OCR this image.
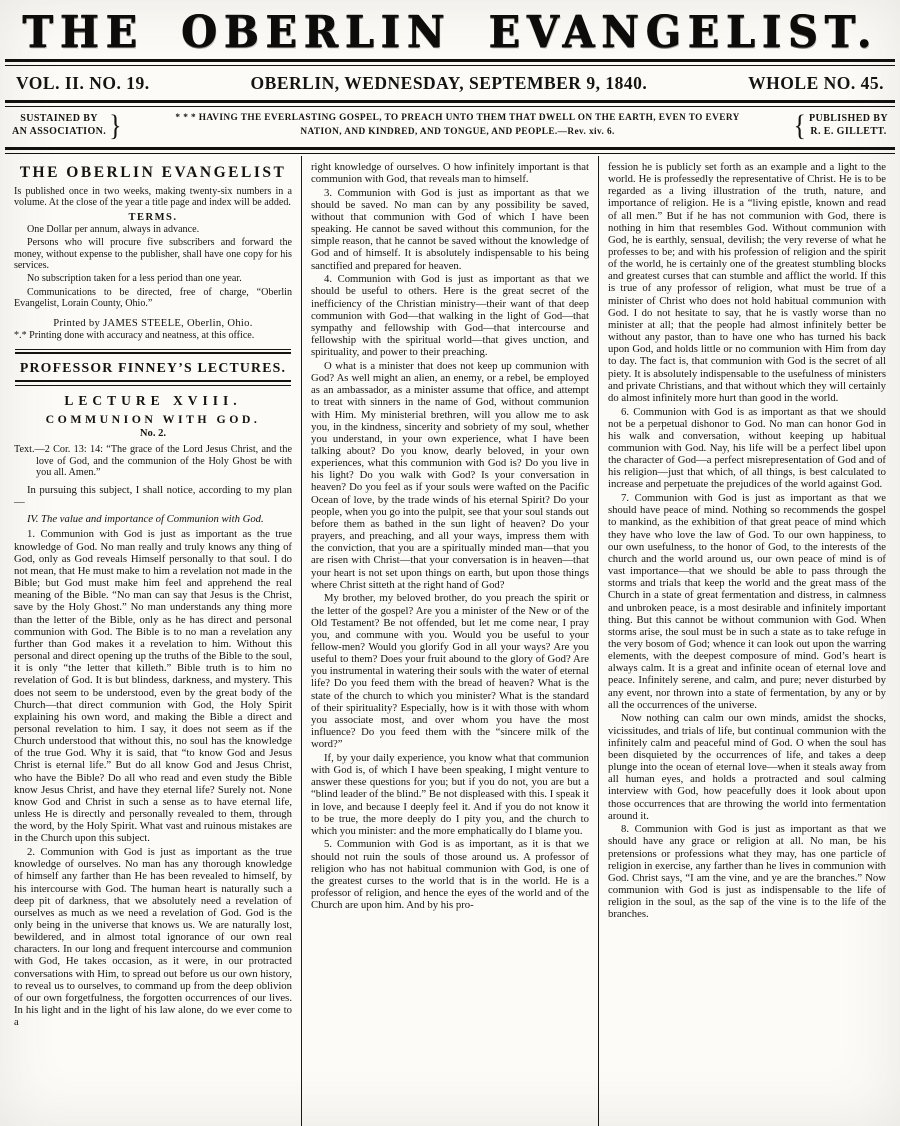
THE OBERLIN EVANGELIST.
VOL. II. NO. 19.	OBERLIN, WEDNESDAY, SEPTEMBER 9, 1840.	WHOLE NO. 45.
SUSTAINED BY
AN ASSOCIATION. }	* * * HAVING THE EVERLASTING GOSPEL, TO PREACH UNTO THEM THAT DWELL ON THE EARTH, EVEN TO EVERY NATION, AND KINDRED, AND TONGUE, AND PEOPLE.—Rev. xiv. 6.	{ PUBLISHED BY
R. E. GILLETT.
THE OBERLIN EVANGELIST

Is published once in two weeks, making twenty-six numbers in a volume. At the close of the year a title page and index will be added.

TERMS.

One Dollar per annum, always in advance.

Persons who will procure five subscribers and forward the money, without expense to the publisher, shall have one copy for his services.

No subscription taken for a less period than one year.

Communications to be directed, free of charge, “Oberlin Evangelist, Lorain County, Ohio.”

Printed by JAMES STEELE, Oberlin, Ohio.

*.* Printing done with accuracy and neatness, at this office.

PROFESSOR FINNEY’S LECTURES.
LECTURE XVIII.
COMMUNION WITH GOD.
No. 2.

Text.—2 Cor. 13: 14: “The grace of the Lord Jesus Christ, and the love of God, and the communion of the Holy Ghost be with you all. Amen.”

In pursuing this subject, I shall notice, according to my plan—

IV. The value and importance of Communion with God.

1. Communion with God is just as important as the true knowledge of God. No man really and truly knows any thing of God, only as God reveals Himself personally to that soul. I do not mean, that He must make to him a revelation not made in the Bible; but God must make him feel and apprehend the real meaning of the Bible. “No man can say that Jesus is the Christ, save by the Holy Ghost.” No man understands any thing more than the letter of the Bible, only as he has direct and personal communion with God. The Bible is to no man a revelation any further than God makes it a revelation to him. Without this personal and direct opening up the truths of the Bible to the soul, it is only “the letter that killeth.” Bible truth is to him no revelation of God. It is but blindess, darkness, and mystery. This does not seem to be understood, even by the great body of the Church—that direct communion with God, the Holy Spirit explaining his own word, and making the Bible a direct and personal revelation to him. I say, it does not seem as if the Church understood that without this, no soul has the knowledge of the true God. Why it is said, that “to know God and Jesus Christ is eternal life.” But do all know God and Jesus Christ, who have the Bible? Do all who read and even study the Bible know Jesus Christ, and have they eternal life? Surely not. None know God and Christ in such a sense as to have eternal life, unless He is directly and personally revealed to them, through the word, by the Holy Spirit. What vast and ruinous mistakes are in the Church upon this subject.

2. Communion with God is just as important as the true knowledge of ourselves. No man has any thorough knowledge of himself any farther than He has been revealed to himself, by his intercourse with God. The human heart is naturally such a deep pit of darkness, that we absolutely need a revelation of ourselves as much as we need a revelation of God. God is the only being in the universe that knows us. We are naturally lost, bewildered, and in almost total ignorance of our own real characters. In our long and frequent intercourse and communion with God, He takes occasion, as it were, in our protracted conversations with Him, to spread out before us our own history, to reveal us to ourselves, to command up from the deep oblivion of our own forgetfulness, the forgotten occurrences of our lives. In his light and in the light of his law alone, do we ever come to a

right knowledge of ourselves. O how infinitely important is that communion with God, that reveals man to himself.

3. Communion with God is just as important as that we should be saved. No man can by any possibility be saved, without that communion with God of which I have been speaking. He cannot be saved without this communion, for the simple reason, that he cannot be saved without the knowledge of God and of himself. It is absolutely indispensable to his being sanctified and prepared for heaven.

4. Communion with God is just as important as that we should be useful to others. Here is the great secret of the inefficiency of the Christian ministry—their want of that deep communion with God—that walking in the light of God—that sympathy and fellowship with God—that intercourse and fellowship with the spiritual world—that gives unction, and spirituality, and power to their preaching.

O what is a minister that does not keep up communion with God? As well might an alien, an enemy, or a rebel, be employed as an ambassador, as a minister assume that office, and attempt to treat with sinners in the name of God, without communion with Him. My ministerial brethren, will you allow me to ask you, in the kindness, sincerity and sobriety of my soul, whether you understand, in your own experience, what I have been talking about? Do you know, dearly beloved, in your own experiences, what this communion with God is? Do you live in his light? Do you walk with God? Is your conversation in heaven? Do you feel as if your souls were wafted on the Pacific Ocean of love, by the trade winds of his eternal Spirit? Do your people, when you go into the pulpit, see that your soul stands out before them as bathed in the sun light of heaven? Do your prayers, and preaching, and all your ways, impress them with the conviction, that you are a spiritually minded man—that you are risen with Christ—that your conversation is in heaven—that your heart is not set upon things on earth, but upon those things where Christ sitteth at the right hand of God?

My brother, my beloved brother, do you preach the spirit or the letter of the gospel? Are you a minister of the New or of the Old Testament? Be not offended, but let me come near, I pray you, and commune with you. Would you be useful to your fellow-men? Would you glorify God in all your ways? Are you useful to them? Does your fruit abound to the glory of God? Are you instrumental in watering their souls with the water of eternal life? Do you feed them with the bread of heaven? What is the state of the church to which you minister? What is the standard of their spirituality? Especially, how is it with those with whom you associate most, and over whom you have the most influence? Do you feed them with the “sincere milk of the word?”

If, by your daily experience, you know what that communion with God is, of which I have been speaking, I might venture to answer these questions for you; but if you do not, you are but a “blind leader of the blind.” Be not displeased with this. I speak it in love, and because I deeply feel it. And if you do not know it to be true, the more deeply do I pity you, and the church to which you minister: and the more emphatically do I blame you.

5. Communion with God is as important, as it is that we should not ruin the souls of those around us. A professor of religion who has not habitual communion with God, is one of the greatest curses to the world that is in the world. He is a professor of religion, and hence the eyes of the world and of the Church are upon him. And by his pro-

fession he is publicly set forth as an example and a light to the world. He is professedly the representative of Christ. He is to be regarded as a living illustration of the truth, nature, and importance of religion. He is a “living epistle, known and read of all men.” But if he has not communion with God, there is nothing in him that resembles God. Without communion with God, he is earthly, sensual, devilish; the very reverse of what he professes to be; and with his profession of religion and the spirit of the world, he is certainly one of the greatest stumbling blocks and greatest curses that can stumble and afflict the world. If this is true of any professor of religion, what must be true of a minister of Christ who does not hold habitual communion with God. I do not hesitate to say, that he is vastly worse than no minister at all; that the people had almost infinitely better be without any pastor, than to have one who has turned his back upon God, and holds little or no communion with Him from day to day. The fact is, that communion with God is the secret of all piety. It is absolutely indispensable to the usefulness of ministers and private Christians, and that without which they will certainly do almost infinitely more hurt than good in the world.

6. Communion with God is as important as that we should not be a perpetual dishonor to God. No man can honor God in his walk and conversation, without keeping up habitual communion with God. Nay, his life will be a perfect libel upon the character of God—a perfect misrepresentation of God and of his religion—just that which, of all things, is best calculated to increase and perpetuate the prejudices of the world against God.

7. Communion with God is just as important as that we should have peace of mind. Nothing so recommends the gospel to mankind, as the exhibition of that great peace of mind which they have who love the law of God. To our own happiness, to our own usefulness, to the honor of God, to the interests of the church and the world around us, our own peace of mind is of vast importance—that we should be able to pass through the storms and trials that keep the world and the great mass of the Church in a state of great fermentation and distress, in calmness and unbroken peace, is a most desirable and infinitely important thing. But this cannot be without communion with God. When storms arise, the soul must be in such a state as to take refuge in the very bosom of God; whence it can look out upon the warring elements, with the deepest composure of mind. God’s heart is always calm. It is a great and infinite ocean of eternal love and peace. Infinitely serene, and calm, and pure; never disturbed by any event, nor thrown into a state of fermentation, by any or by all the occurrences of the universe.

Now nothing can calm our own minds, amidst the shocks, vicissitudes, and trials of life, but continual communion with the infinitely calm and peaceful mind of God. O when the soul has been disquieted by the occurrences of life, and takes a deep plunge into the ocean of eternal love—when it steals away from all human eyes, and holds a protracted and soul calming interview with God, how peacefully does it look about upon those occurrences that are throwing the world into fermentation around it.

8. Communion with God is just as important as that we should have any grace or religion at all. No man, be his pretensions or professions what they may, has one particle of religion in exercise, any farther than he lives in communion with God. Christ says, “I am the vine, and ye are the branches.” Now communion with God is just as indispensable to the life of religion in the soul, as the sap of the vine is to the life of the branches.
